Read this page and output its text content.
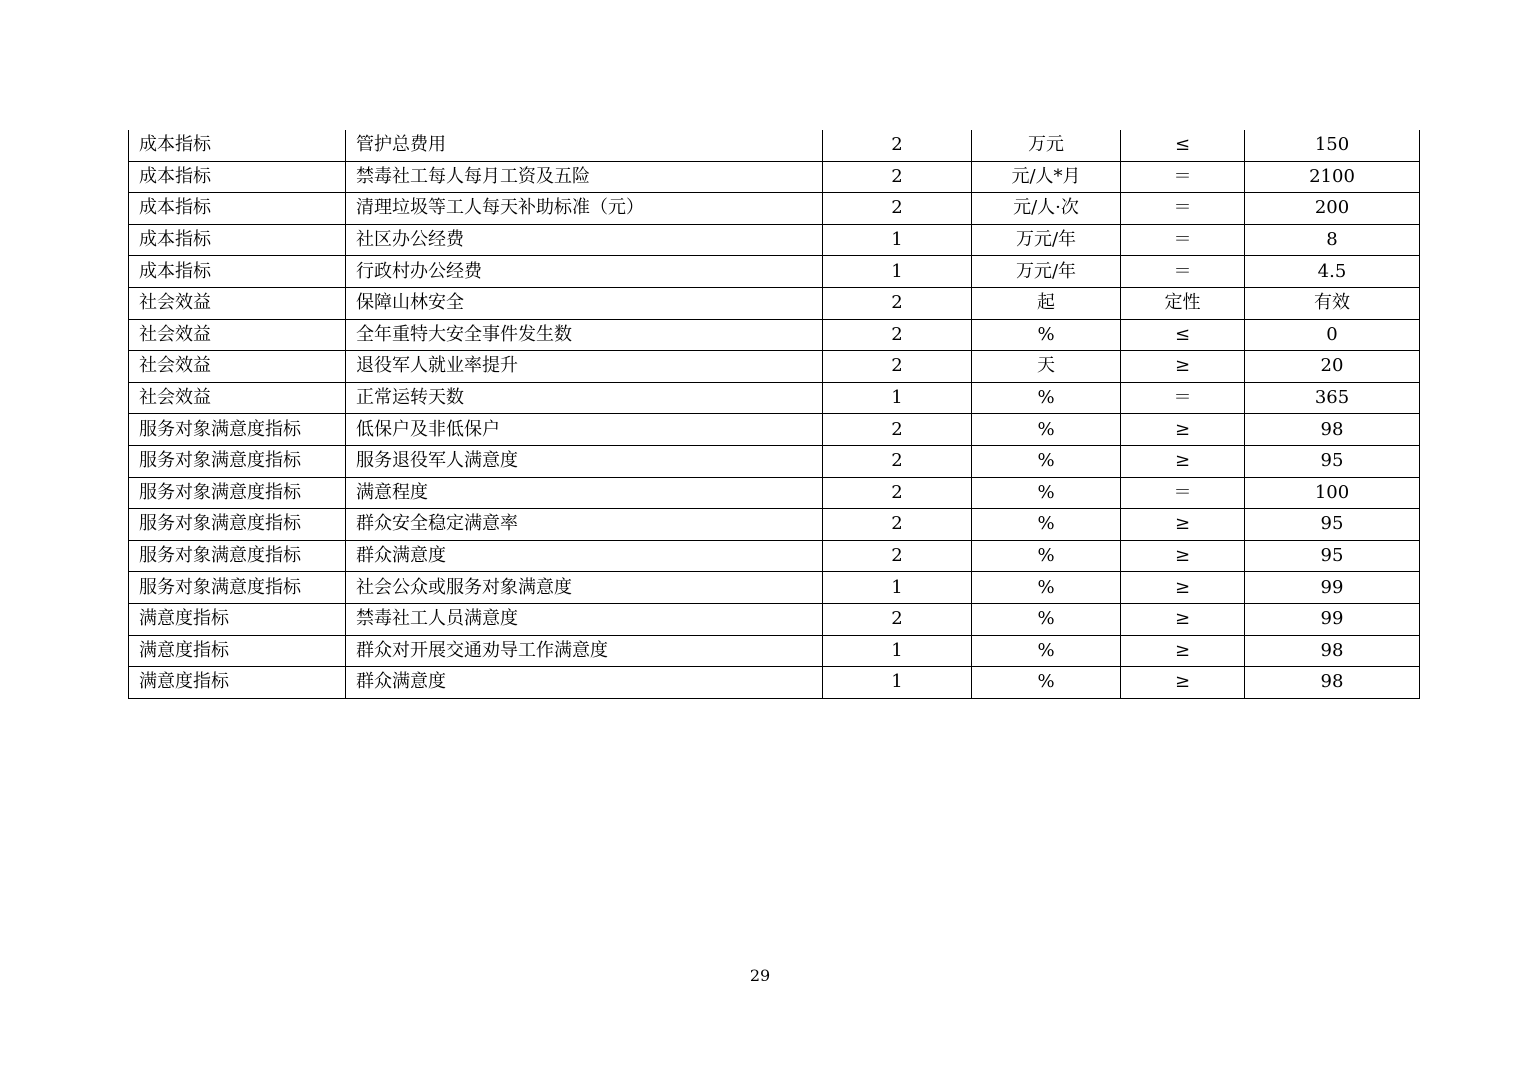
成本指标	管护总费用	2	万元	≤	150
成本指标	禁毒社工每人每月工资及五险	2	元/人*月	＝	2100
成本指标	清理垃圾等工人每天补助标准（元）	2	元/人·次	＝	200
成本指标	社区办公经费	1	万元/年	＝	8
成本指标	行政村办公经费	1	万元/年	＝	4.5
社会效益	保障山林安全	2	起	定性	有效
社会效益	全年重特大安全事件发生数	2	%	≤	0
社会效益	退役军人就业率提升	2	天	≥	20
社会效益	正常运转天数	1	%	＝	365
服务对象满意度指标	低保户及非低保户	2	%	≥	98
服务对象满意度指标	服务退役军人满意度	2	%	≥	95
服务对象满意度指标	满意程度	2	%	＝	100
服务对象满意度指标	群众安全稳定满意率	2	%	≥	95
服务对象满意度指标	群众满意度	2	%	≥	95
服务对象满意度指标	社会公众或服务对象满意度	1	%	≥	99
满意度指标	禁毒社工人员满意度	2	%	≥	99
满意度指标	群众对开展交通劝导工作满意度	1	%	≥	98
满意度指标	群众满意度	1	%	≥	98
29
